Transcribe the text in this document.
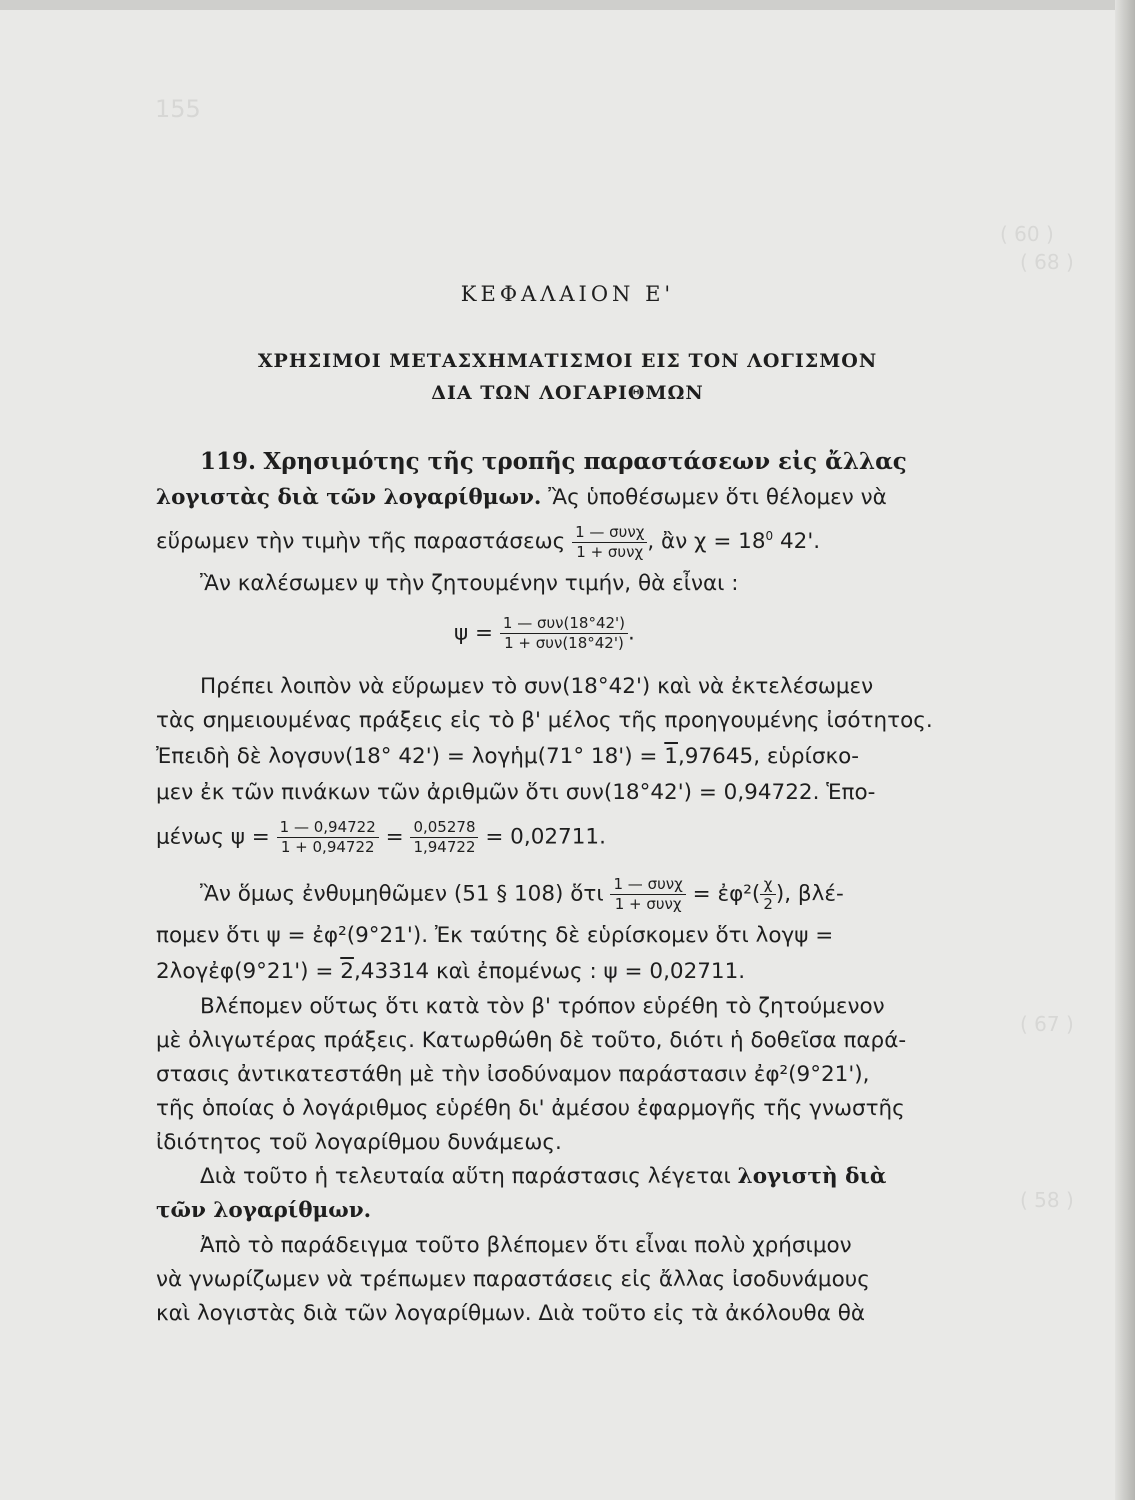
155
( 60 )
( 68 )
( 67 )
( 58 )
ΚΕΦΑΛΑΙΟΝ Ε'
ΧΡΗΣΙΜΟΙ ΜΕΤΑΣΧΗΜΑΤΙΣΜΟΙ ΕΙΣ ΤΟΝ ΛΟΓΙΣΜΟΝ
ΔΙΑ ΤΩΝ ΛΟΓΑΡΙΘΜΩΝ
119. Χρησιμότης τῆς τροπῆς παραστάσεων εἰς ἄλλας
λογιστὰς διὰ τῶν λογαρίθμων. Ἂς ὑποθέσωμεν ὅτι θέλομεν νὰ
εὕρωμεν τὴν τιμὴν τῆς παραστάσεως $\frac{\text{1 — συνχ}}{\text{1 + συνχ}}$ , ἂν $\chi = 18^0$ 42'.
Ἂν καλέσωμεν ψ τὴν ζητουμένην τιμήν, θὰ εἶναι :
$\psi = \frac{\text{1 — συν(18°42')}}{\text{1 + συν(18°42')}}$ .
Πρέπει λοιπὸν νὰ εὕρωμεν τὸ συν(18°42') καὶ νὰ ἐκτελέσωμεν
τὰς σημειουμένας πράξεις εἰς τὸ β' μέλος τῆς προηγουμένης ἰσότητος.
Ἐπειδὴ δὲ λογσυν(18° 42') = λογἡμ(71° 18') = 1,97645, εὑρίσκο-
μεν ἐκ τῶν πινάκων τῶν ἀριθμῶν ὅτι συν(18°42') = 0,94722. Ἑπο-
μένως $\psi = \frac{1 — 0,94722}{1 + 0,94722} = \frac{0,05278}{1,94722} = 0,02711$.
Ἂν ὅμως ἐνθυμηθῶμεν (51 § 108) ὅτι $\frac{\text{1 — συνχ}}{\text{1 + συνχ}}$ = ἐφ²( $\frac{\chi}{2}$ ), βλέ-
πομεν ὅτι ψ = ἐφ²(9°21'). Ἐκ ταύτης δὲ εὑρίσκομεν ὅτι λογψ =
2λογἐφ(9°21') = 2,43314 καὶ ἐπομένως : ψ = 0,02711.
Βλέπομεν οὕτως ὅτι κατὰ τὸν β' τρόπον εὑρέθη τὸ ζητούμενον
μὲ ὀλιγωτέρας πράξεις. Κατωρθώθη δὲ τοῦτο, διότι ἡ δοθεῖσα παρά-
στασις ἀντικατεστάθη μὲ τὴν ἰσοδύναμον παράστασιν ἐφ²(9°21'),
τῆς ὁποίας ὁ λογάριθμος εὑρέθη δι' ἀμέσου ἐφαρμογῆς τῆς γνωστῆς
ἰδιότητος τοῦ λογαρίθμου δυνάμεως.
Διὰ τοῦτο ἡ τελευταία αὕτη παράστασις λέγεται λογιστὴ διὰ
τῶν λογαρίθμων.
Ἀπὸ τὸ παράδειγμα τοῦτο βλέπομεν ὅτι εἶναι πολὺ χρήσιμον
νὰ γνωρίζωμεν νὰ τρέπωμεν παραστάσεις εἰς ἄλλας ἰσοδυνάμους
καὶ λογιστὰς διὰ τῶν λογαρίθμων. Διὰ τοῦτο εἰς τὰ ἀκόλουθα θὰ
